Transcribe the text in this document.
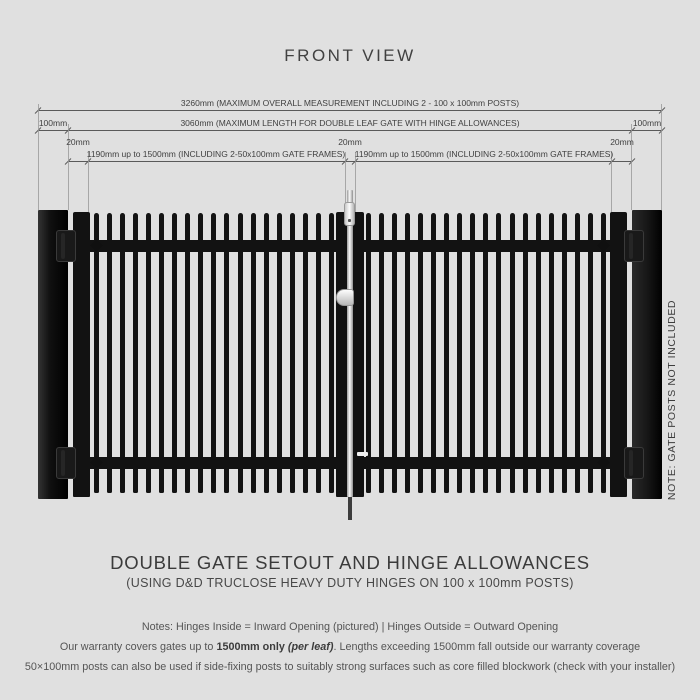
FRONT VIEW
3260mm (MAXIMUM OVERALL MEASUREMENT INCLUDING 2 - 100 x 100mm POSTS)
3060mm (MAXIMUM LENGTH FOR DOUBLE LEAF GATE WITH HINGE ALLOWANCES)
100mm	100mm
20mm	20mm	20mm
1190mm up to 1500mm (INCLUDING 2-50x100mm GATE FRAMES)	1190mm up to 1500mm (INCLUDING 2-50x100mm GATE FRAMES)
NOTE: GATE POSTS NOT INCLUDED
DOUBLE GATE SETOUT AND HINGE ALLOWANCES
(USING D&D TRUCLOSE HEAVY DUTY HINGES ON 100 x 100mm POSTS)
Notes: Hinges Inside = Inward Opening (pictured) | Hinges Outside = Outward Opening
Our warranty covers gates up to 1500mm only (per leaf). Lengths exceeding 1500mm fall outside our warranty coverage
50×100mm posts can also be used if side-fixing posts to suitably strong surfaces such as core filled blockwork (check with your installer)
